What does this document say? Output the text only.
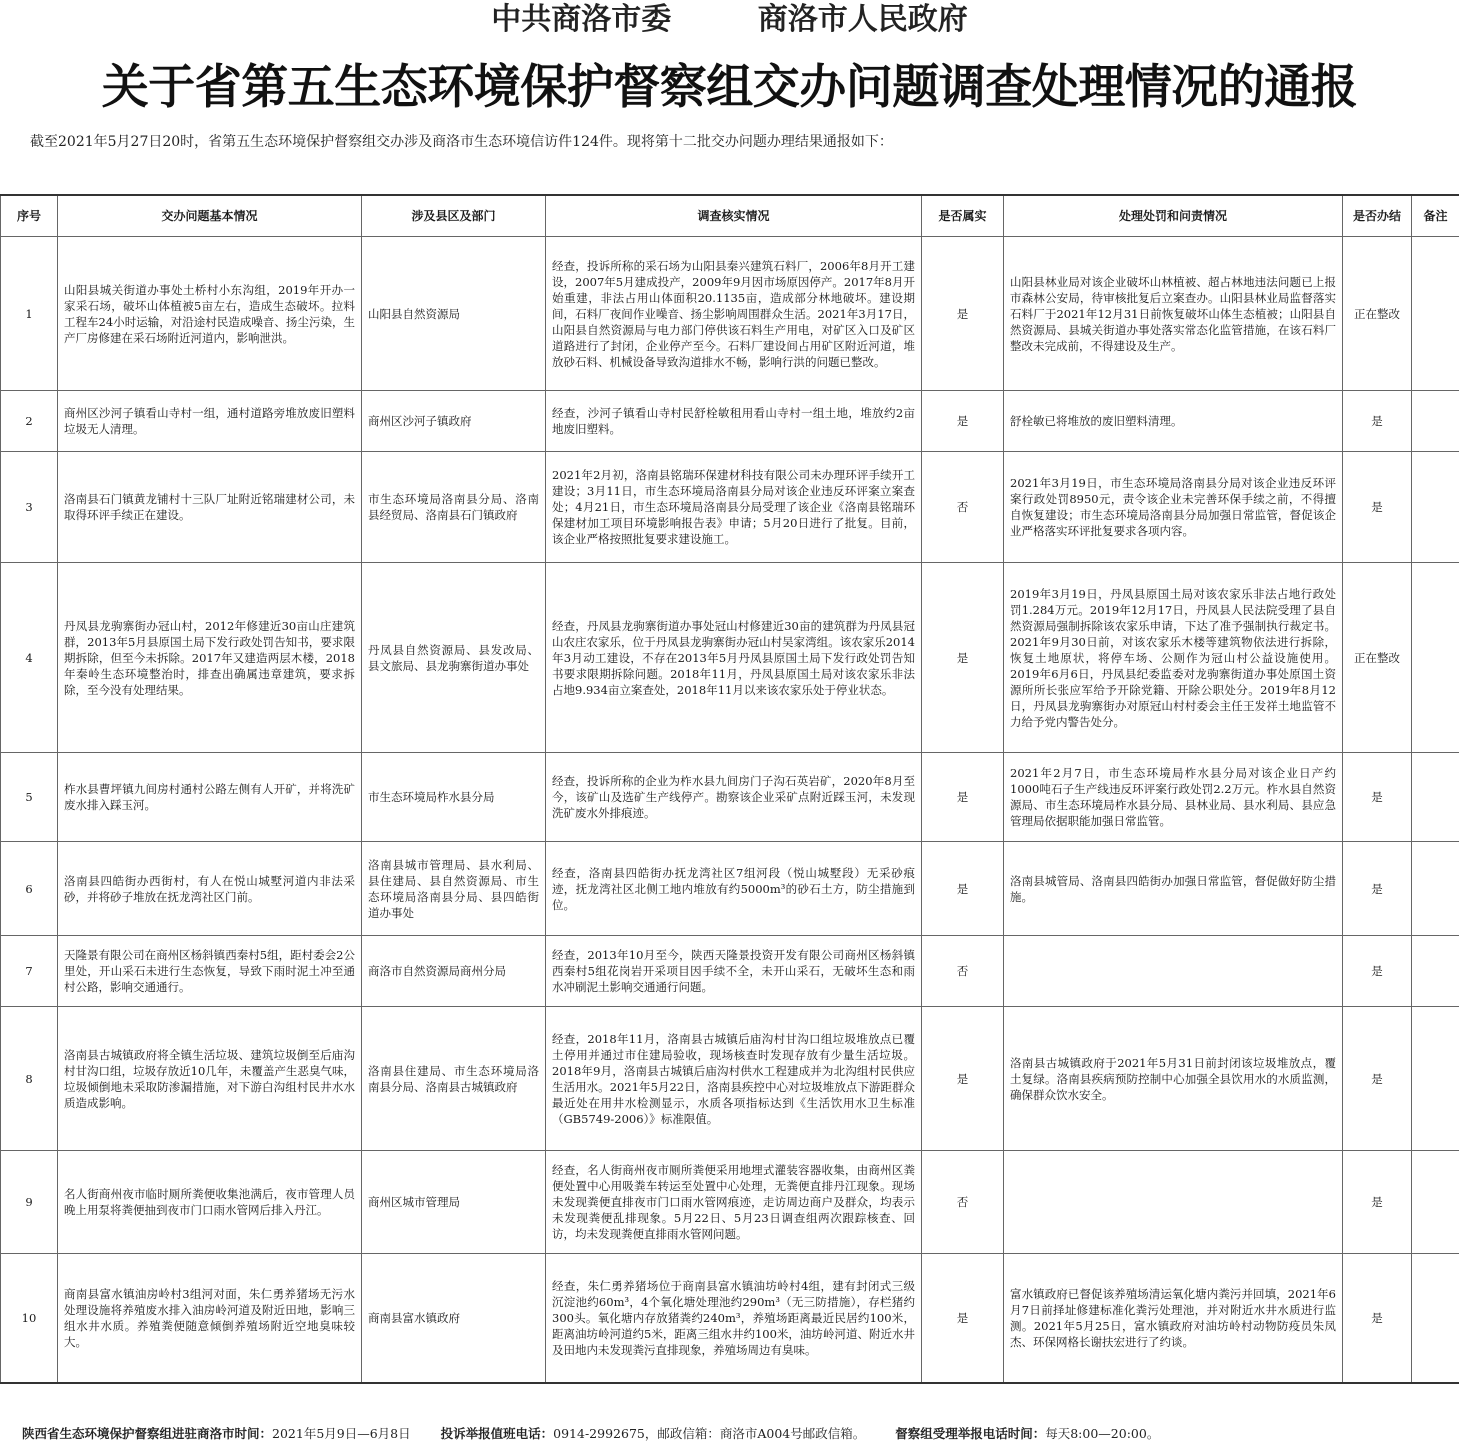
中共商洛市委	商洛市人民政府
关于省第五生态环境保护督察组交办问题调查处理情况的通报
截至2021年5月27日20时，省第五生态环境保护督察组交办涉及商洛市生态环境信访件124件。现将第十二批交办问题办理结果通报如下：
序号	交办问题基本情况	涉及县区及部门	调查核实情况	是否属实	处理处罚和问责情况	是否办结	备注
1	山阳县城关街道办事处土桥村小东沟组，2019年开办一家采石场，破坏山体植被5亩左右，造成生态破坏。拉料工程车24小时运输，对沿途村民造成噪音、扬尘污染，生产厂房修建在采石场附近河道内，影响泄洪。	山阳县自然资源局	经查，投诉所称的采石场为山阳县秦兴建筑石料厂，2006年8月开工建设，2007年5月建成投产，2009年9月因市场原因停产。2017年8月开始重建，非法占用山体面积20.1135亩，造成部分林地破坏。建设期间，石料厂夜间作业噪音、扬尘影响周围群众生活。2021年3月17日，山阳县自然资源局与电力部门停供该石料生产用电，对矿区入口及矿区道路进行了封闭，企业停产至今。石料厂建设间占用矿区附近河道，堆放砂石料、机械设备导致沟道排水不畅，影响行洪的问题已整改。	是	山阳县林业局对该企业破坏山林植被、超占林地违法问题已上报市森林公安局，待审核批复后立案查办。山阳县林业局监督落实石料厂于2021年12月31日前恢复破坏山体生态植被；山阳县自然资源局、县城关街道办事处落实常态化监管措施，在该石料厂整改未完成前，不得建设及生产。	正在整改	
2	商州区沙河子镇看山寺村一组，通村道路旁堆放废旧塑料垃圾无人清理。	商州区沙河子镇政府	经查，沙河子镇看山寺村民舒栓敏租用看山寺村一组土地，堆放约2亩地废旧塑料。	是	舒栓敏已将堆放的废旧塑料清理。	是	
3	洛南县石门镇黄龙铺村十三队厂址附近铭瑞建材公司，未取得环评手续正在建设。	市生态环境局洛南县分局、洛南县经贸局、洛南县石门镇政府	2021年2月初，洛南县铭瑞环保建材科技有限公司未办理环评手续开工建设；3月11日，市生态环境局洛南县分局对该企业违反环评案立案查处；4月21日，市生态环境局洛南县分局受理了该企业《洛南县铭瑞环保建材加工项目环境影响报告表》申请；5月20日进行了批复。目前，该企业严格按照批复要求建设施工。	否	2021年3月19日，市生态环境局洛南县分局对该企业违反环评案行政处罚8950元，责令该企业未完善环保手续之前，不得擅自恢复建设；市生态环境局洛南县分局加强日常监管，督促该企业严格落实环评批复要求各项内容。	是	
4	丹凤县龙驹寨街办冠山村，2012年修建近30亩山庄建筑群，2013年5月县原国土局下发行政处罚告知书，要求限期拆除，但至今未拆除。2017年又建造两层木楼，2018年秦岭生态环境整治时，排查出确属违章建筑，要求拆除，至今没有处理结果。	丹凤县自然资源局、县发改局、县文旅局、县龙驹寨街道办事处	经查，丹凤县龙驹寨街道办事处冠山村修建近30亩的建筑群为丹凤县冠山农庄农家乐，位于丹凤县龙驹寨街办冠山村吴家湾组。该农家乐2014年3月动工建设，不存在2013年5月丹凤县原国土局下发行政处罚告知书要求限期拆除问题。2018年11月，丹凤县原国土局对该农家乐非法占地9.934亩立案查处，2018年11月以来该农家乐处于停业状态。	是	2019年3月19日，丹凤县原国土局对该农家乐非法占地行政处罚1.284万元。2019年12月17日，丹凤县人民法院受理了县自然资源局强制拆除该农家乐申请，下达了准予强制执行裁定书。2021年9月30日前，对该农家乐木楼等建筑物依法进行拆除，恢复土地原状，将停车场、公厕作为冠山村公益设施使用。2019年6月6日，丹凤县纪委监委对龙驹寨街道办事处原国土资源所所长张应军给予开除党籍、开除公职处分。2019年8月12日，丹凤县龙驹寨街办对原冠山村村委会主任王发祥土地监管不力给予党内警告处分。	正在整改	
5	柞水县曹坪镇九间房村通村公路左侧有人开矿，并将洗矿废水排入踩玉河。	市生态环境局柞水县分局	经查，投诉所称的企业为柞水县九间房门子沟石英岩矿，2020年8月至今，该矿山及选矿生产线停产。勘察该企业采矿点附近踩玉河，未发现洗矿废水外排痕迹。	是	2021年2月7日，市生态环境局柞水县分局对该企业日产约1000吨石子生产线违反环评案行政处罚2.2万元。柞水县自然资源局、市生态环境局柞水县分局、县林业局、县水利局、县应急管理局依据职能加强日常监管。	是	
6	洛南县四皓街办西街村，有人在悦山城墅河道内非法采砂，并将砂子堆放在抚龙湾社区门前。	洛南县城市管理局、县水利局、县住建局、县自然资源局、市生态环境局洛南县分局、县四皓街道办事处	经查，洛南县四皓街办抚龙湾社区7组河段（悦山城墅段）无采砂痕迹，抚龙湾社区北侧工地内堆放有约5000m³的砂石土方，防尘措施到位。	是	洛南县城管局、洛南县四皓街办加强日常监管，督促做好防尘措施。	是	
7	天隆景有限公司在商州区杨斜镇西秦村5组，距村委会2公里处，开山采石未进行生态恢复，导致下雨时泥土冲至通村公路，影响交通通行。	商洛市自然资源局商州分局	经查，2013年10月至今，陕西天隆景投资开发有限公司商州区杨斜镇西秦村5组花岗岩开采项目因手续不全，未开山采石，无破坏生态和雨水冲刷泥土影响交通通行问题。	否		是	
8	洛南县古城镇政府将全镇生活垃圾、建筑垃圾倒至后庙沟村甘沟口组，垃圾存放近10几年，未覆盖产生恶臭气味，垃圾倾倒地未采取防渗漏措施，对下游白沟组村民井水水质造成影响。	洛南县住建局、市生态环境局洛南县分局、洛南县古城镇政府	经查，2018年11月，洛南县古城镇后庙沟村甘沟口组垃圾堆放点已覆土停用并通过市住建局验收，现场核查时发现存放有少量生活垃圾。2018年9月，洛南县古城镇后庙沟村供水工程建成并为北沟组村民供应生活用水。2021年5月22日，洛南县疾控中心对垃圾堆放点下游距群众最近处在用井水检测显示，水质各项指标达到《生活饮用水卫生标准（GB5749-2006）》标准限值。	是	洛南县古城镇政府于2021年5月31日前封闭该垃圾堆放点，覆土复绿。洛南县疾病预防控制中心加强全县饮用水的水质监测，确保群众饮水安全。	是	
9	名人街商州夜市临时厕所粪便收集池满后，夜市管理人员晚上用泵将粪便抽到夜市门口雨水管网后排入丹江。	商州区城市管理局	经查，名人街商州夜市厕所粪便采用地埋式灌装容器收集，由商州区粪便处置中心用吸粪车转运至处置中心处理，无粪便直排丹江现象。现场未发现粪便直排夜市门口雨水管网痕迹，走访周边商户及群众，均表示未发现粪便乱排现象。5月22日、5月23日调查组两次跟踪核查、回访，均未发现粪便直排雨水管网问题。	否		是	
10	商南县富水镇油房岭村3组河对面，朱仁勇养猪场无污水处理设施将养殖废水排入油房岭河道及附近田地，影响三组水井水质。养殖粪便随意倾倒养殖场附近空地臭味较大。	商南县富水镇政府	经查，朱仁勇养猪场位于商南县富水镇油坊岭村4组，建有封闭式三级沉淀池约60m³，4个氧化塘处理池约290m³（无三防措施），存栏猪约300头。氧化塘内存放猪粪约240m³，养殖场距离最近民居约100米，距离油坊岭河道约5米，距离三组水井约100米，油坊岭河道、附近水井及田地内未发现粪污直排现象，养殖场周边有臭味。	是	富水镇政府已督促该养殖场清运氧化塘内粪污并回填，2021年6月7日前择址修建标准化粪污处理池，并对附近水井水质进行监测。2021年5月25日，富水镇政府对油坊岭村动物防疫员朱凤杰、环保网格长谢扶宏进行了约谈。	是	
陕西省生态环境保护督察组进驻商洛市时间：2021年5月9日—6月8日 投诉举报值班电话：0914-2992675，邮政信箱：商洛市A004号邮政信箱。 督察组受理举报电话时间：每天8:00—20:00。
